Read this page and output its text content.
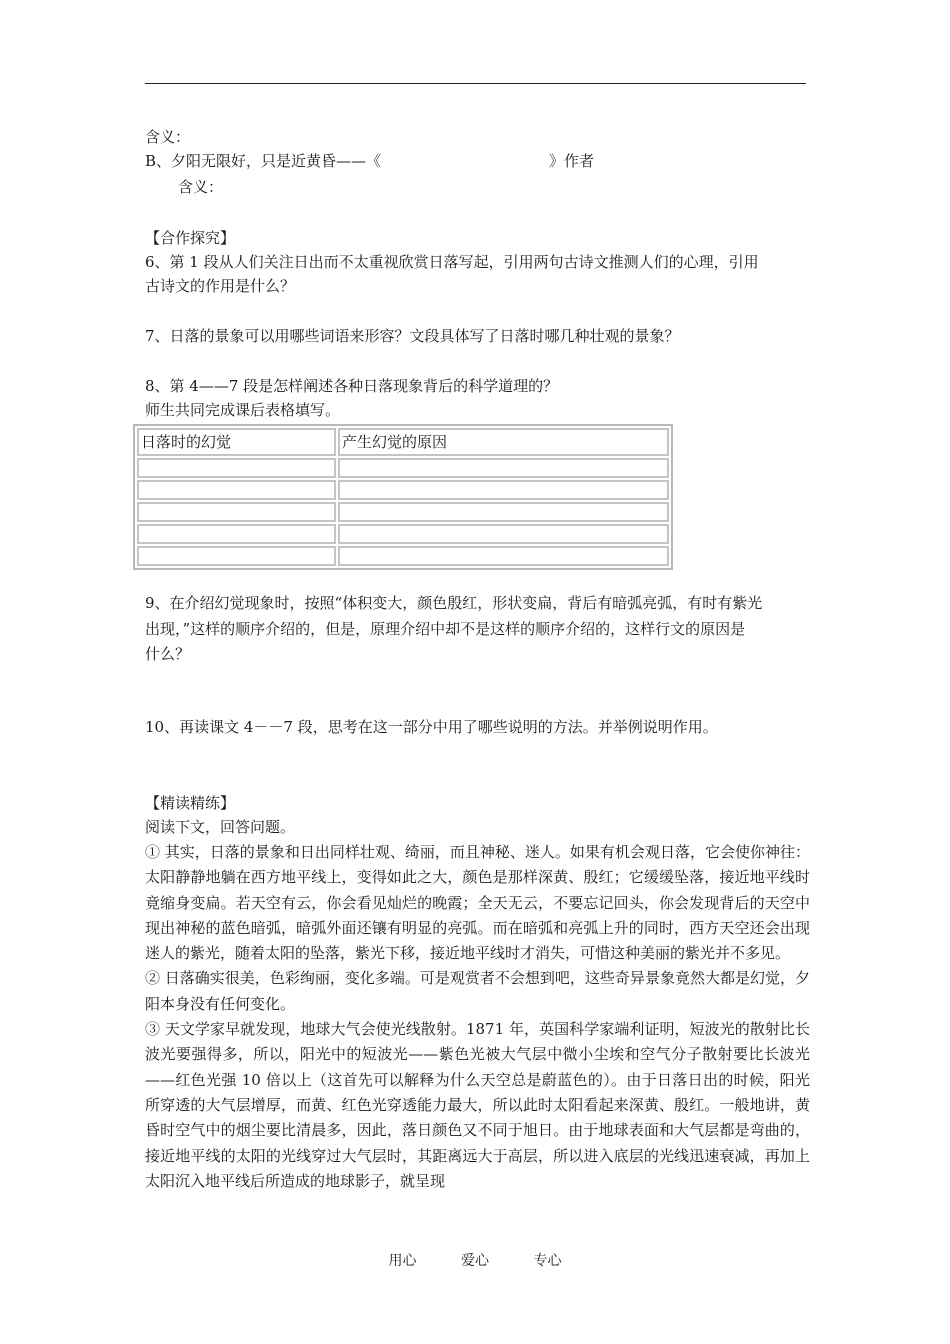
含义：
B、夕阳无限好，只是近黄昏——《	》作者
含义：
【合作探究】
6、第 1 段从人们关注日出而不太重视欣赏日落写起，引用两句古诗文推测人们的心理，引用
古诗文的作用是什么？
7、日落的景象可以用哪些词语来形容？文段具体写了日落时哪几种壮观的景象？
8、第 4——7 段是怎样阐述各种日落现象背后的科学道理的？
师生共同完成课后表格填写。
日落时的幻觉	产生幻觉的原因

9、在介绍幻觉现象时，按照“体积变大，颜色殷红，形状变扁，背后有暗弧亮弧，有时有紫光
出现，”这样的顺序介绍的，但是，原理介绍中却不是这样的顺序介绍的，这样行文的原因是
什么？
10、再读课文 4－－7 段，思考在这一部分中用了哪些说明的方法。并举例说明作用。
【精读精练】
阅读下文，回答问题。

① 其实，日落的景象和日出同样壮观、绮丽，而且神秘、迷人。如果有机会观日落，它会使你神往：太阳静静地躺在西方地平线上，变得如此之大，颜色是那样深黄、殷红；它缓缓坠落，接近地平线时竟缩身变扁。若天空有云，你会看见灿烂的晚霞；全天无云，不要忘记回头，你会发现背后的天空中现出神秘的蓝色暗弧，暗弧外面还镶有明显的亮弧。而在暗弧和亮弧上升的同时，西方天空还会出现迷人的紫光，随着太阳的坠落，紫光下移，接近地平线时才消失，可惜这种美丽的紫光并不多见。

② 日落确实很美，色彩绚丽，变化多端。可是观赏者不会想到吧，这些奇异景象竟然大都是幻觉，夕阳本身没有任何变化。

③ 天文学家早就发现，地球大气会使光线散射。1871 年，英国科学家端利证明，短波光的散射比长波光要强得多，所以，阳光中的短波光——紫色光被大气层中微小尘埃和空气分子散射要比长波光——红色光强 10 倍以上（这首先可以解释为什么天空总是蔚蓝色的）。由于日落日出的时候，阳光所穿透的大气层增厚，而黄、红色光穿透能力最大，所以此时太阳看起来深黄、殷红。一般地讲，黄昏时空气中的烟尘要比清晨多，因此，落日颜色又不同于旭日。由于地球表面和大气层都是弯曲的，接近地平线的太阳的光线穿过大气层时，其距离远大于高层，所以进入底层的光线迅速衰减，再加上太阳沉入地平线后所造成的地球影子，就呈现

用心	爱心	专心
